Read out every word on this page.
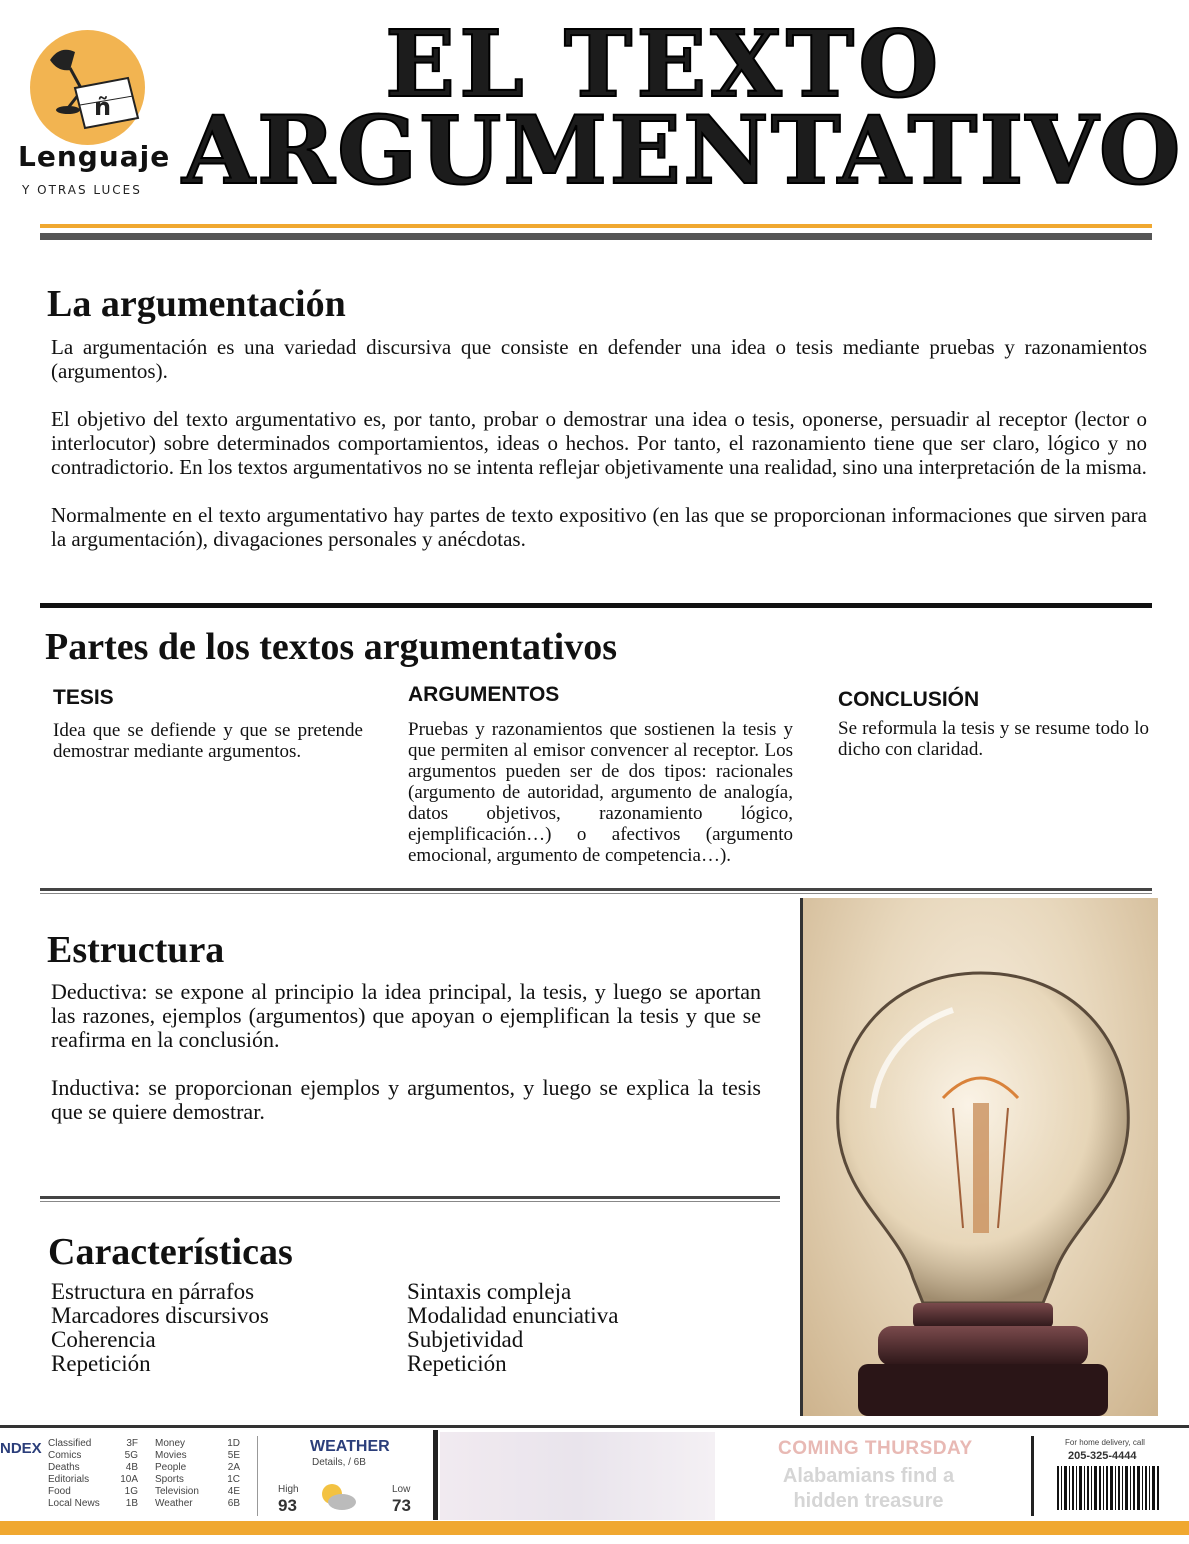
ñ
Lenguaje
Y OTRAS LUCES
EL TEXTO
ARGUMENTATIVO
La argumentación

La argumentación es una variedad discursiva que consiste en defender una idea o tesis mediante pruebas y razonamientos (argumentos).

El objetivo del texto argumentativo es, por tanto, probar o demostrar una idea o tesis, oponerse, persuadir al receptor (lector o interlocutor) sobre determinados comportamientos, ideas o hechos. Por tanto, el razonamiento tiene que ser claro, lógico y no contradictorio. En los textos argumentativos no se intenta reflejar objetivamente una realidad, sino una interpretación de la misma.

Normalmente en el texto argumentativo hay partes de texto expositivo (en las que se proporcionan informaciones que sirven para la argumentación), divagaciones personales y anécdotas.

Partes de los textos argumentativos
TESIS

Idea que se defiende y que se pretende demostrar mediante argumentos.

ARGUMENTOS

Pruebas y razonamientos que sostienen la tesis y que permiten al emisor convencer al receptor. Los argumentos pueden ser de dos tipos: racionales (argumento de autoridad, argumento de analogía, datos objetivos, razonamiento lógico, ejemplificación…) o afectivos (argumento emocional, argumento de competencia…).

CONCLUSIÓN

Se reformula la tesis y se resume todo lo dicho con claridad.

Estructura

Deductiva: se expone al principio la idea principal, la tesis, y luego se aportan las razones, ejemplos (argumentos) que apoyan o ejemplifican la tesis y que se reafirma en la conclusión.

Inductiva: se proporcionan ejemplos y argumentos, y luego se explica la tesis que se quiere demostrar.

Características
Estructura en párrafos
Marcadores discursivos
Coherencia
Repetición
Sintaxis compleja
Modalidad enunciativa
Subjetividad
Repetición
NDEX Classified	3F
Comics	5G
Deaths	4B
Editorials	10A
Food	1G
Local News	1B
Money	1D
Movies	5E
People	2A
Sports	1C
Television	4E
Weather	6B
WEATHER
Details, / 6B
High
93
Low
73
COMING THURSDAY
Alabamians find a hidden treasure
For home delivery, call
205-325-4444
